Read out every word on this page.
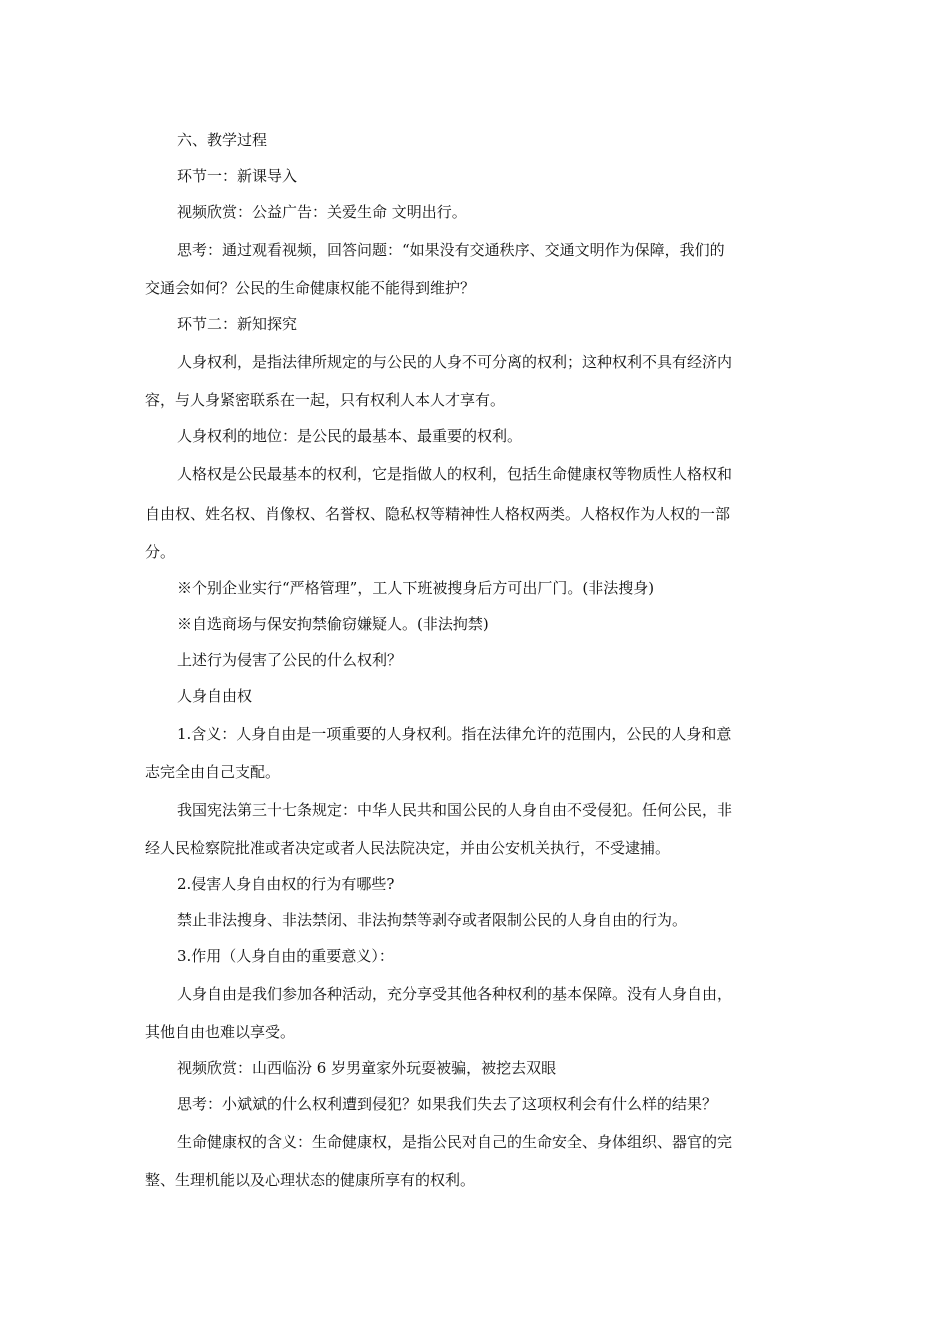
六、教学过程

环节一：新课导入

视频欣赏：公益广告：关爱生命 文明出行。

思考：通过观看视频，回答问题：“如果没有交通秩序、交通文明作为保障，我们的

交通会如何？公民的生命健康权能不能得到维护？

环节二：新知探究

人身权利，是指法律所规定的与公民的人身不可分离的权利；这种权利不具有经济内

容，与人身紧密联系在一起，只有权利人本人才享有。

人身权利的地位：是公民的最基本、最重要的权利。

人格权是公民最基本的权利，它是指做人的权利，包括生命健康权等物质性人格权和

自由权、姓名权、肖像权、名誉权、隐私权等精神性人格权两类。人格权作为人权的一部

分。

※个别企业实行“严格管理”，工人下班被搜身后方可出厂门。(非法搜身)

※自选商场与保安拘禁偷窃嫌疑人。(非法拘禁)

上述行为侵害了公民的什么权利？

人身自由权

1.含义：人身自由是一项重要的人身权利。指在法律允许的范围内，公民的人身和意

志完全由自己支配。

我国宪法第三十七条规定：中华人民共和国公民的人身自由不受侵犯。任何公民，非

经人民检察院批准或者决定或者人民法院决定，并由公安机关执行，不受逮捕。

2.侵害人身自由权的行为有哪些?

禁止非法搜身、非法禁闭、非法拘禁等剥夺或者限制公民的人身自由的行为。

3.作用（人身自由的重要意义）：

人身自由是我们参加各种活动，充分享受其他各种权利的基本保障。没有人身自由，

其他自由也难以享受。

视频欣赏：山西临汾 6 岁男童家外玩耍被骗，被挖去双眼

思考：小斌斌的什么权利遭到侵犯？如果我们失去了这项权利会有什么样的结果？

生命健康权的含义：生命健康权，是指公民对自己的生命安全、身体组织、器官的完

整、生理机能以及心理状态的健康所享有的权利。
